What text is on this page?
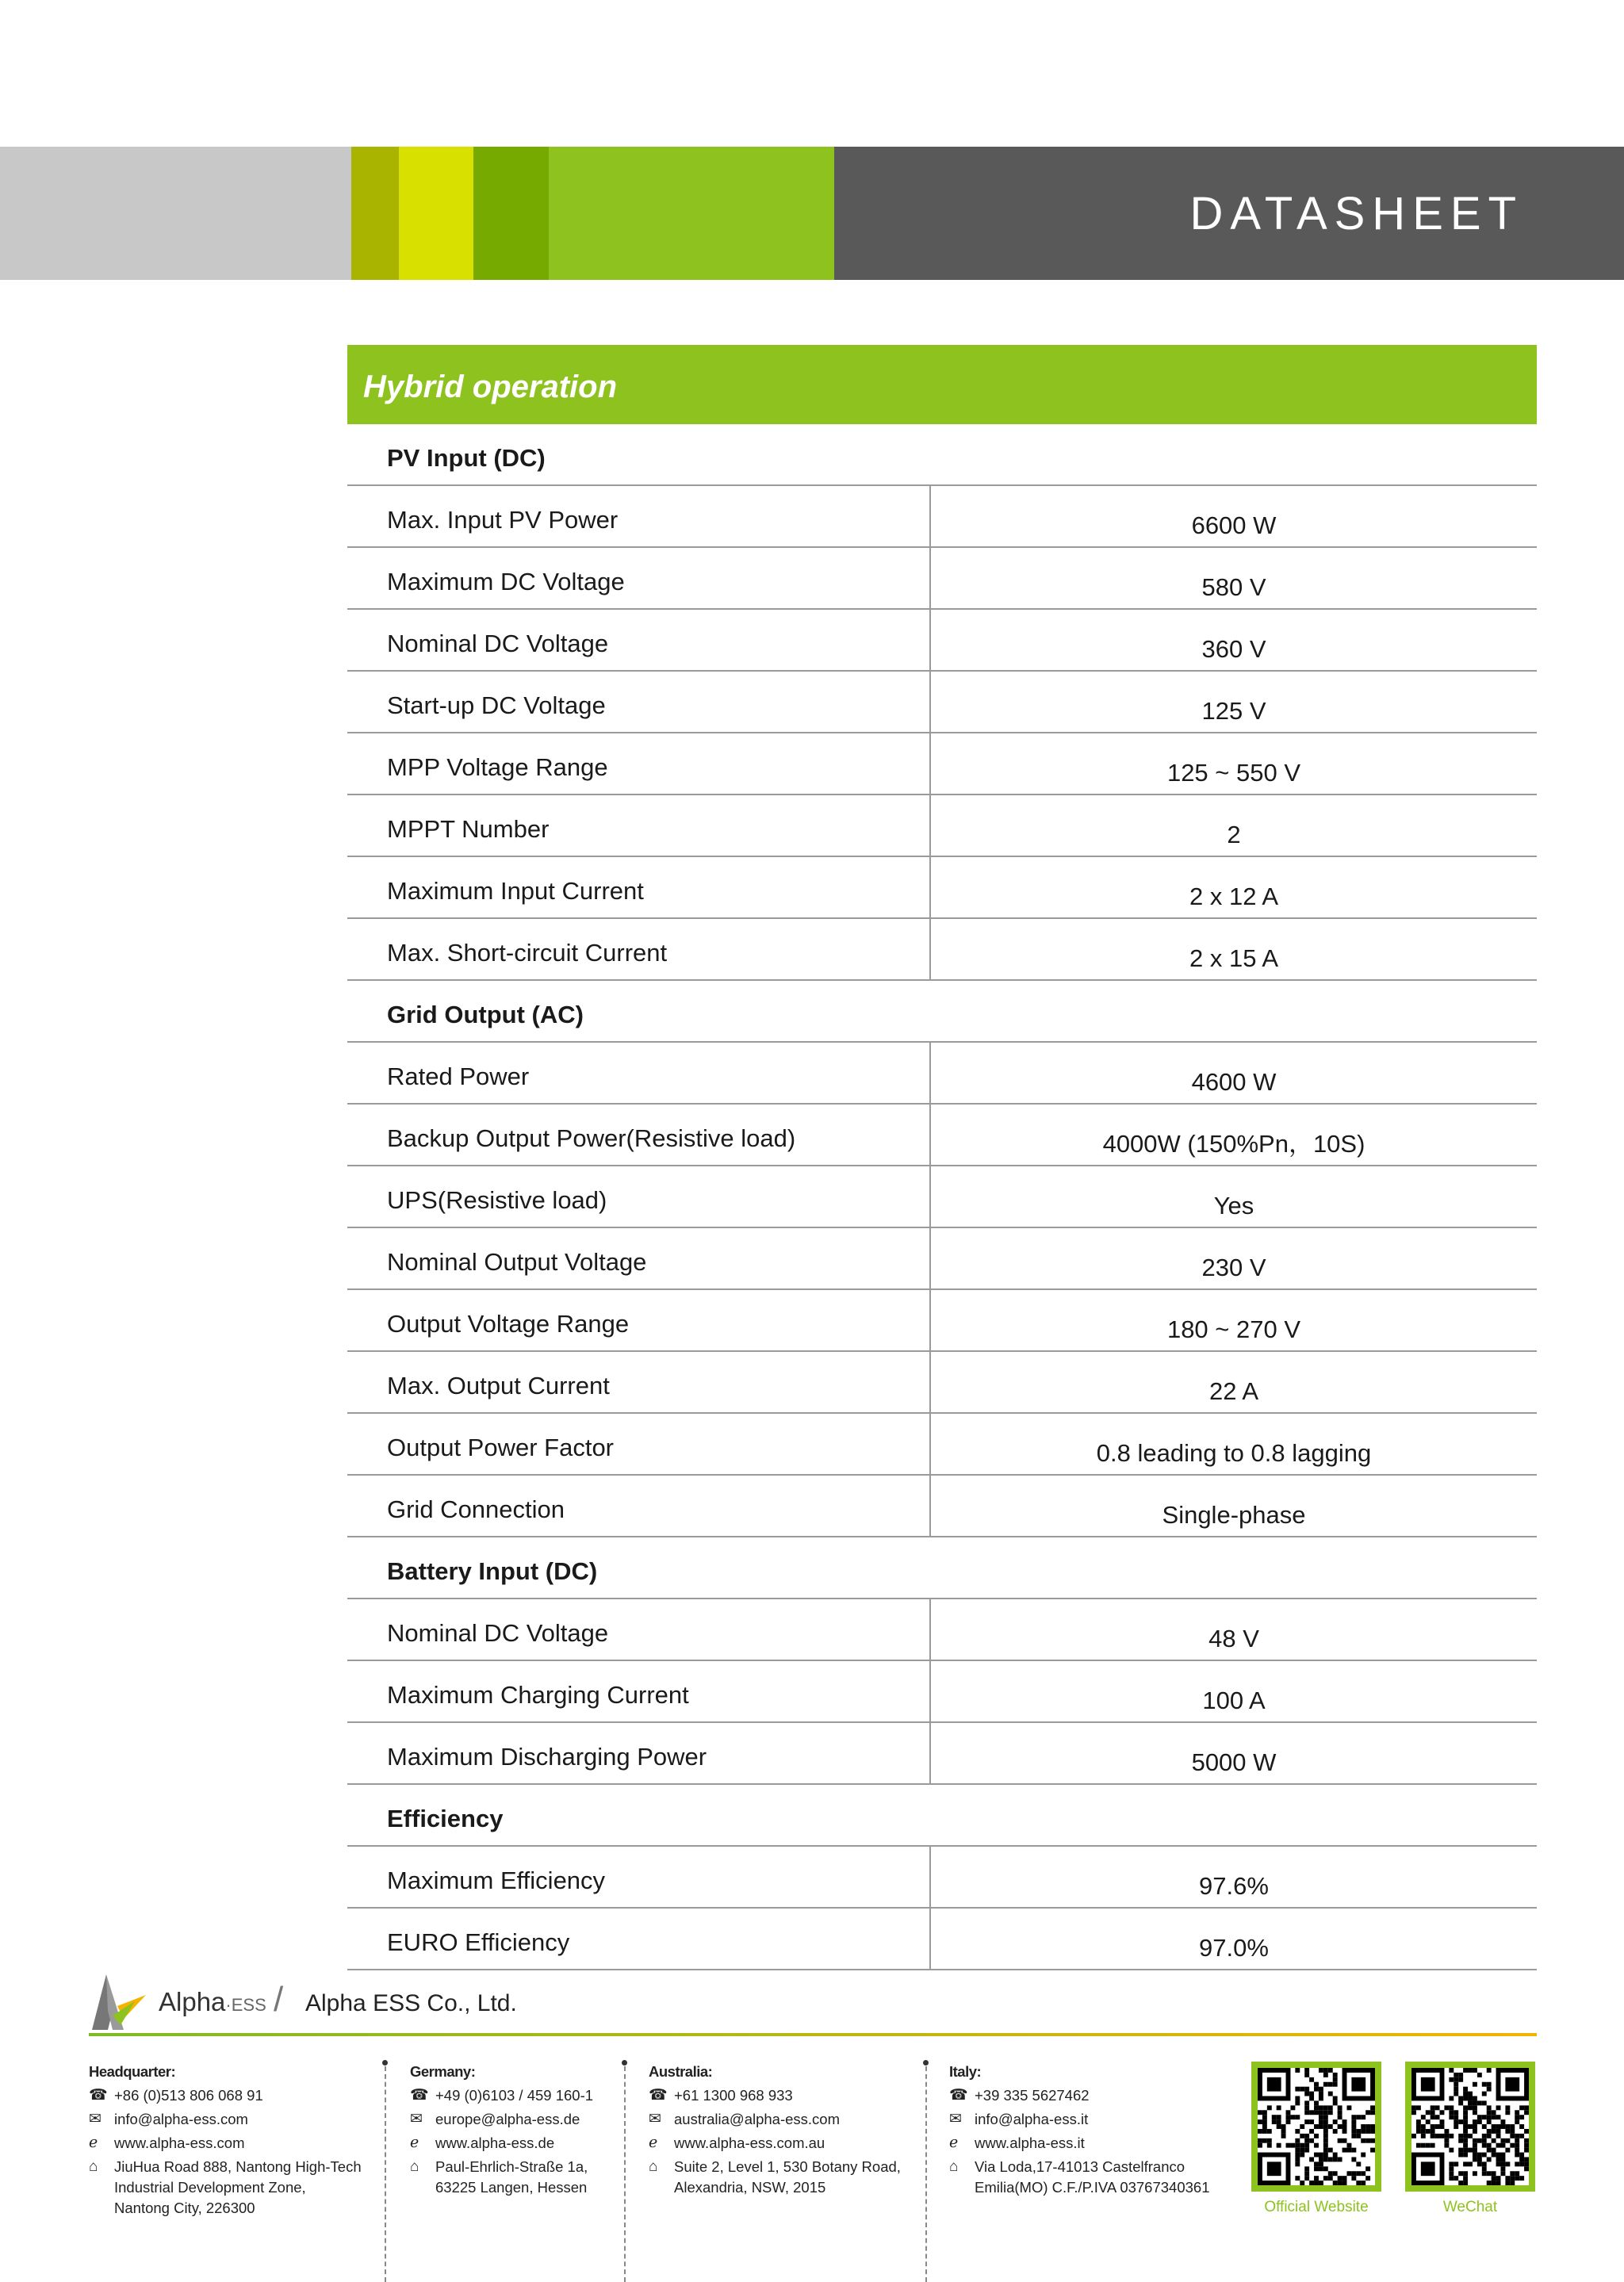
DATASHEET
Hybrid operation
PV Input (DC)
Max. Input PV Power	6600 W
Maximum DC Voltage	580 V
Nominal DC Voltage	360 V
Start-up DC Voltage	125 V
MPP Voltage Range	125 ~ 550 V
MPPT Number	2
Maximum Input Current	2 x 12 A
Max. Short-circuit Current	2 x 15 A
Grid Output (AC)
Rated Power	4600 W
Backup Output Power(Resistive load)	4000W (150%Pn，10S)
UPS(Resistive load)	Yes
Nominal Output Voltage	230 V
Output Voltage Range	180 ~ 270 V
Max. Output Current	22 A
Output Power Factor	0.8 leading to 0.8 lagging
Grid Connection	Single-phase
Battery Input (DC)
Nominal DC Voltage	48 V
Maximum Charging Current	100 A
Maximum Discharging Power	5000 W
Efficiency
Maximum Efficiency	97.6%
EURO Efficiency	97.0%
Alpha·ESS / Alpha ESS Co., Ltd.
Headquarter:
☎ +86 (0)513 806 068 91
✉ info@alpha-ess.com
ℯ	www.alpha-ess.com
⌂	JiuHua Road 888, Nantong High-Tech
Industrial Development Zone,
Nantong City, 226300
Germany:
☎ +49 (0)6103 / 459 160-1
✉ europe@alpha-ess.de
ℯ	www.alpha-ess.de
⌂	Paul-Ehrlich-Straße 1a,
63225 Langen, Hessen
Australia:
☎ +61 1300 968 933
✉ australia@alpha-ess.com
ℯ	www.alpha-ess.com.au
⌂	Suite 2, Level 1, 530 Botany Road,
Alexandria, NSW, 2015
Italy:
☎ +39 335 5627462
✉ info@alpha-ess.it
ℯ	www.alpha-ess.it
⌂	Via Loda,17-41013 Castelfranco
Emilia(MO) C.F./P.IVA 03767340361
Official Website	WeChat
